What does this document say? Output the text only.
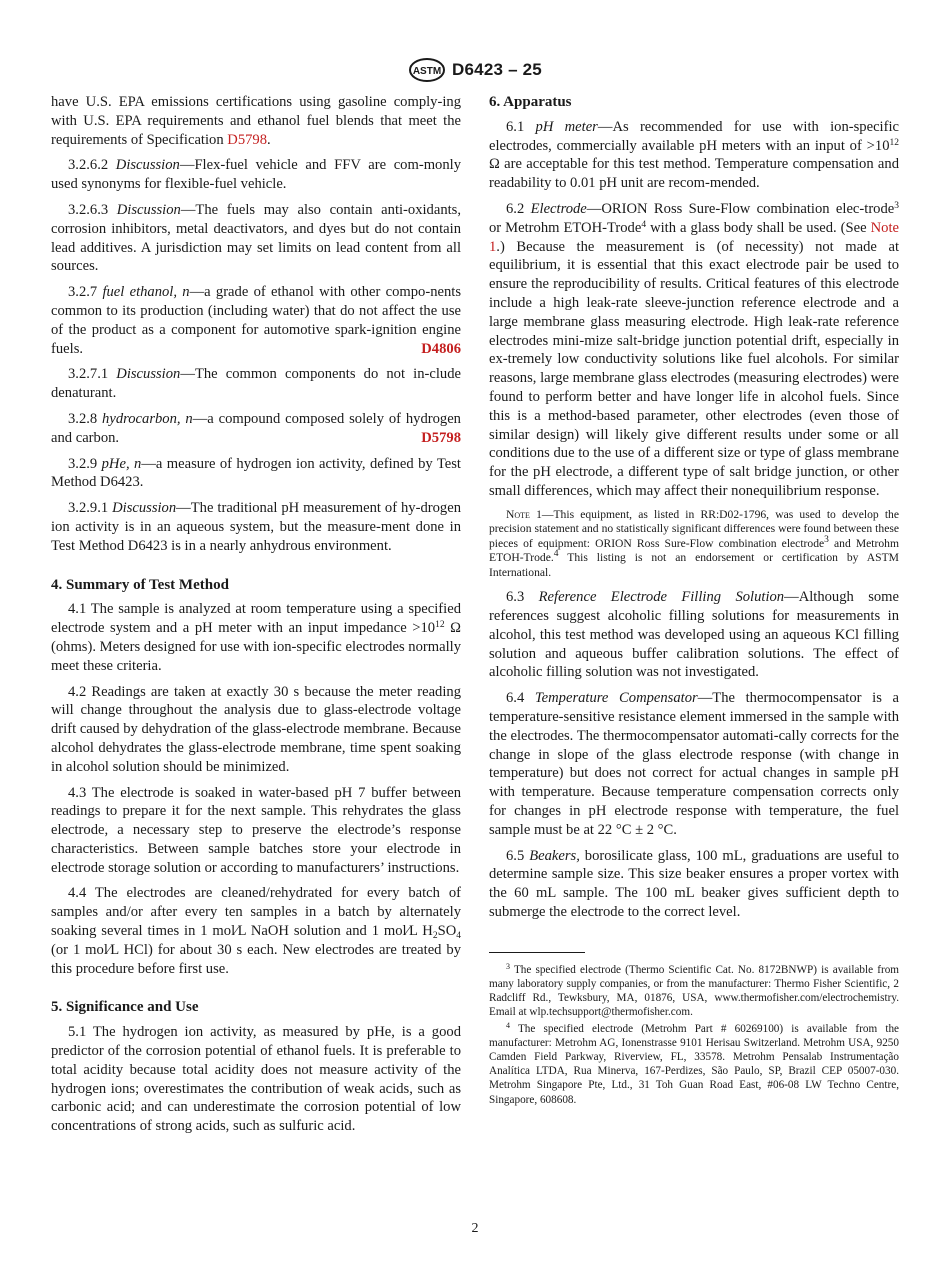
ASTM D6423 – 25

have U.S. EPA emissions certifications using gasoline comply-ing with U.S. EPA requirements and ethanol fuel blends that meet the requirements of Specification D5798.

3.2.6.2 Discussion—Flex-fuel vehicle and FFV are com-monly used synonyms for flexible-fuel vehicle.

3.2.6.3 Discussion—The fuels may also contain anti-oxidants, corrosion inhibitors, metal deactivators, and dyes but do not contain lead additives. A jurisdiction may set limits on lead content from all sources.

3.2.7 fuel ethanol, n—a grade of ethanol with other compo-nents common to its production (including water) that do not affect the use of the product as a component for automotive spark-ignition engine fuels.	D4806

3.2.7.1 Discussion—The common components do not in-clude denaturant.

3.2.8 hydrocarbon, n—a compound composed solely of hydrogen and carbon.	D5798

3.2.9 pHe, n—a measure of hydrogen ion activity, defined by Test Method D6423.

3.2.9.1 Discussion—The traditional pH measurement of hy-drogen ion activity is in an aqueous system, but the measure-ment done in Test Method D6423 is in a nearly anhydrous environment.

4. Summary of Test Method

4.1 The sample is analyzed at room temperature using a specified electrode system and a pH meter with an input impedance $>10^{12}$ Ω (ohms). Meters designed for use with ion-specific electrodes normally meet these criteria.

4.2 Readings are taken at exactly 30 s because the meter reading will change throughout the analysis due to glass-electrode voltage drift caused by dehydration of the glass-electrode membrane. Because alcohol dehydrates the glass-electrode membrane, time spent soaking in alcohol solution should be minimized.

4.3 The electrode is soaked in water-based pH 7 buffer between readings to prepare it for the next sample. This rehydrates the glass electrode, a necessary step to preserve the electrode’s response characteristics. Between sample batches store your electrode in electrode storage solution or according to manufacturers’ instructions.

4.4 The electrodes are cleaned/rehydrated for every batch of samples and/or after every ten samples in a batch by alternately soaking several times in 1 mol⁄L NaOH solution and 1 mol⁄L $H_2SO_4$ (or 1 mol⁄L HCl) for about 30 s each. New electrodes are treated by this procedure before first use.

5. Significance and Use

5.1 The hydrogen ion activity, as measured by pHe, is a good predictor of the corrosion potential of ethanol fuels. It is preferable to total acidity because total acidity does not measure activity of the hydrogen ions; overestimates the contribution of weak acids, such as carbonic acid; and can underestimate the corrosion potential of low concentrations of strong acids, such as sulfuric acid.

6. Apparatus

6.1 pH meter—As recommended for use with ion-specific electrodes, commercially available pH meters with an input of $>10^{12}$ Ω are acceptable for this test method. Temperature compensation and readability to 0.01 pH unit are recom-mended.

6.2 Electrode—ORION Ross Sure-Flow combination elec-trode$^3$ or Metrohm ETOH-Trode$^4$ with a glass body shall be used. (See Note 1.) Because the measurement is (of necessity) not made at equilibrium, it is essential that this exact electrode pair be used to ensure the reproducibility of results. Critical features of this electrode include a high leak-rate sleeve-junction reference electrode and a large membrane glass measuring electrode. High leak-rate reference electrodes mini-mize salt-bridge junction potential drift, especially in ex-tremely low conductivity solutions like fuel alcohols. For similar reasons, large membrane glass electrodes (measuring electrodes) were found to perform better and have longer life in alcohol fuels. Since this is a method-based parameter, other electrodes (even those of similar design) will likely give different results under some or all conditions due to the use of a different size or type of glass membrane for the pH electrode, a different type of salt bridge junction, or other small differences, which may affect their nonequilibrium response.

Note 1—This equipment, as listed in RR:D02-1796, was used to develop the precision statement and no statistically significant differences were found between these pieces of equipment: ORION Ross Sure-Flow combination electrode$^3$ and Metrohm ETOH-Trode.$^4$ This listing is not an endorsement or certification by ASTM International.

6.3 Reference Electrode Filling Solution—Although some references suggest alcoholic filling solutions for measurements in alcohol, this test method was developed using an aqueous KCl filling solution and aqueous buffer calibration solutions. The effect of alcoholic filling solution was not investigated.

6.4 Temperature Compensator—The thermocompensator is a temperature-sensitive resistance element immersed in the sample with the electrodes. The thermocompensator automati-cally corrects for the change in slope of the glass electrode response (with change in temperature) but does not correct for actual changes in sample pH with temperature. Because temperature compensation corrects only for changes in pH electrode response with temperature, the fuel sample must be at 22 °C ± 2 °C.

6.5 Beakers, borosilicate glass, 100 mL, graduations are useful to determine sample size. This size beaker ensures a proper vortex with the 60 mL sample. The 100 mL beaker gives sufficient depth to submerge the electrode to the correct level.

$^3$ The specified electrode (Thermo Scientific Cat. No. 8172BNWP) is available from many laboratory supply companies, or from the manufacturer: Thermo Fisher Scientific, 2 Radcliff Rd., Tewksbury, MA, 01876, USA, www.thermofisher.com/electrochemistry. Email at wlp.techsupport@thermofisher.com.

$^4$ The specified electrode (Metrohm Part # 60269100) is available from the manufacturer: Metrohm AG, Ionenstrasse 9101 Herisau Switzerland. Metrohm USA, 9250 Camden Field Parkway, Riverview, FL, 33578. Metrohm Pensalab Instrumentação Analítica LTDA, Rua Minerva, 167-Perdizes, São Paulo, SP, Brazil CEP 05007-030. Metrohm Singapore Pte, Ltd., 31 Toh Guan Road East, #06-08 LW Techno Centre, Singapore, 608608.

2
